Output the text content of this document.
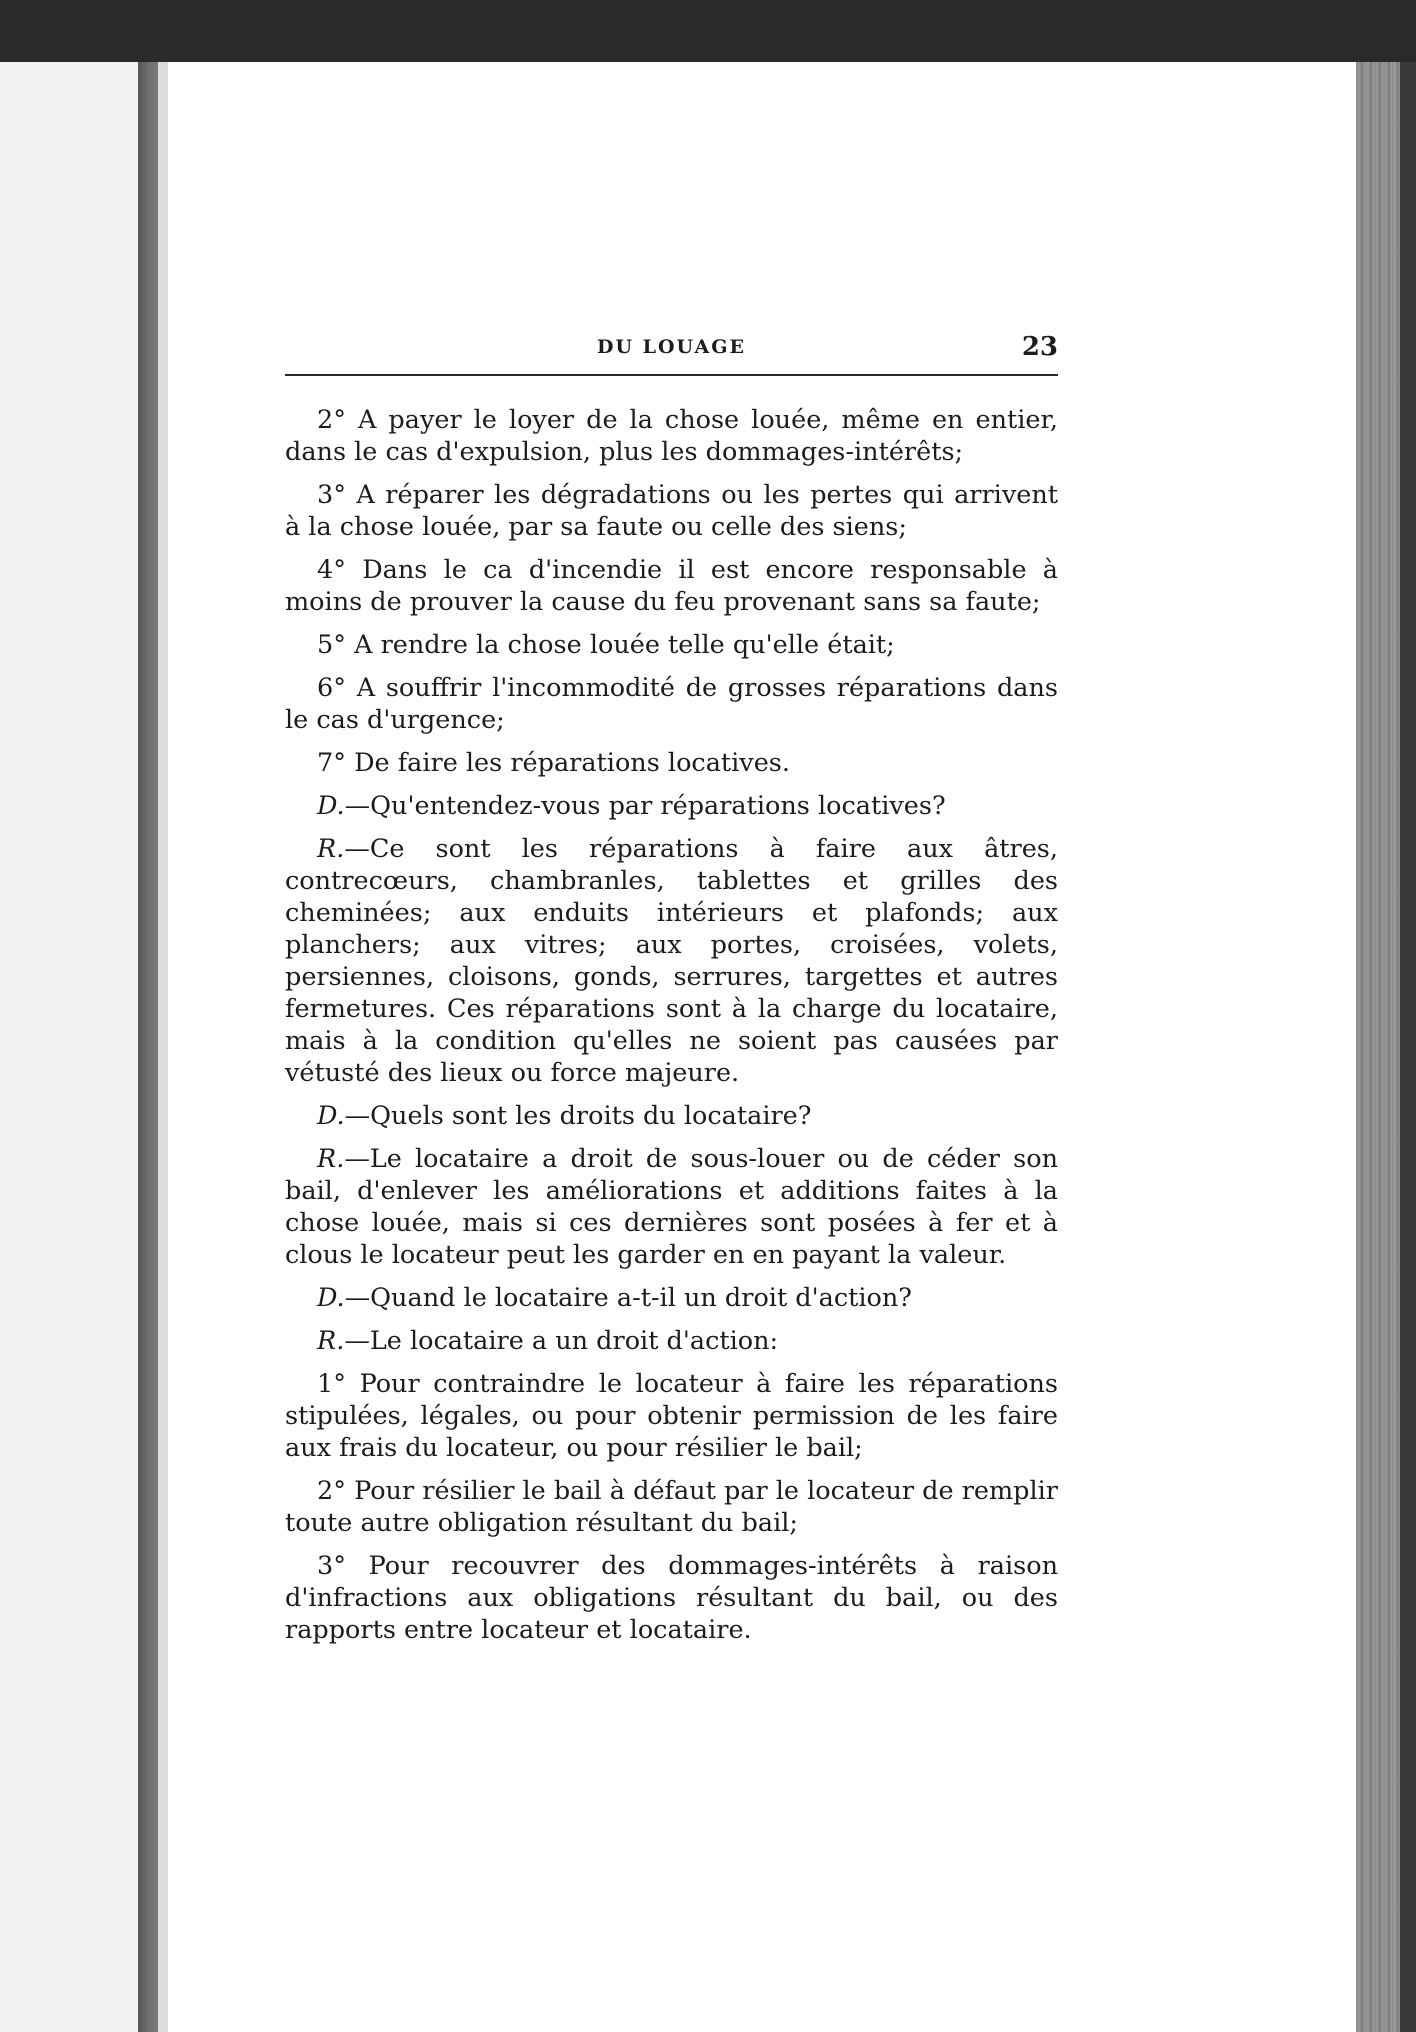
DU LOUAGE	23

2° A payer le loyer de la chose louée, même en entier, dans le cas d'expulsion, plus les dommages-intérêts;

3° A réparer les dégradations ou les pertes qui arrivent à la chose louée, par sa faute ou celle des siens;

4° Dans le ca d'incendie il est encore responsable à moins de prouver la cause du feu provenant sans sa faute;

5° A rendre la chose louée telle qu'elle était;

6° A souffrir l'incommodité de grosses réparations dans le cas d'urgence;

7° De faire les réparations locatives.

D.—Qu'entendez-vous par réparations locatives?

R.—Ce sont les réparations à faire aux âtres, contrecœurs, chambranles, tablettes et grilles des cheminées; aux enduits intérieurs et plafonds; aux planchers; aux vitres; aux portes, croisées, volets, persiennes, cloisons, gonds, serrures, targettes et autres fermetures. Ces réparations sont à la charge du locataire, mais à la condition qu'elles ne soient pas causées par vétusté des lieux ou force majeure.

D.—Quels sont les droits du locataire?

R.—Le locataire a droit de sous-louer ou de céder son bail, d'enlever les améliorations et additions faites à la chose louée, mais si ces dernières sont posées à fer et à clous le locateur peut les garder en en payant la valeur.

D.—Quand le locataire a-t-il un droit d'action?

R.—Le locataire a un droit d'action:

1° Pour contraindre le locateur à faire les réparations stipulées, légales, ou pour obtenir permission de les faire aux frais du locateur, ou pour résilier le bail;

2° Pour résilier le bail à défaut par le locateur de remplir toute autre obligation résultant du bail;

3° Pour recouvrer des dommages-intérêts à raison d'infractions aux obligations résultant du bail, ou des rapports entre locateur et locataire.
